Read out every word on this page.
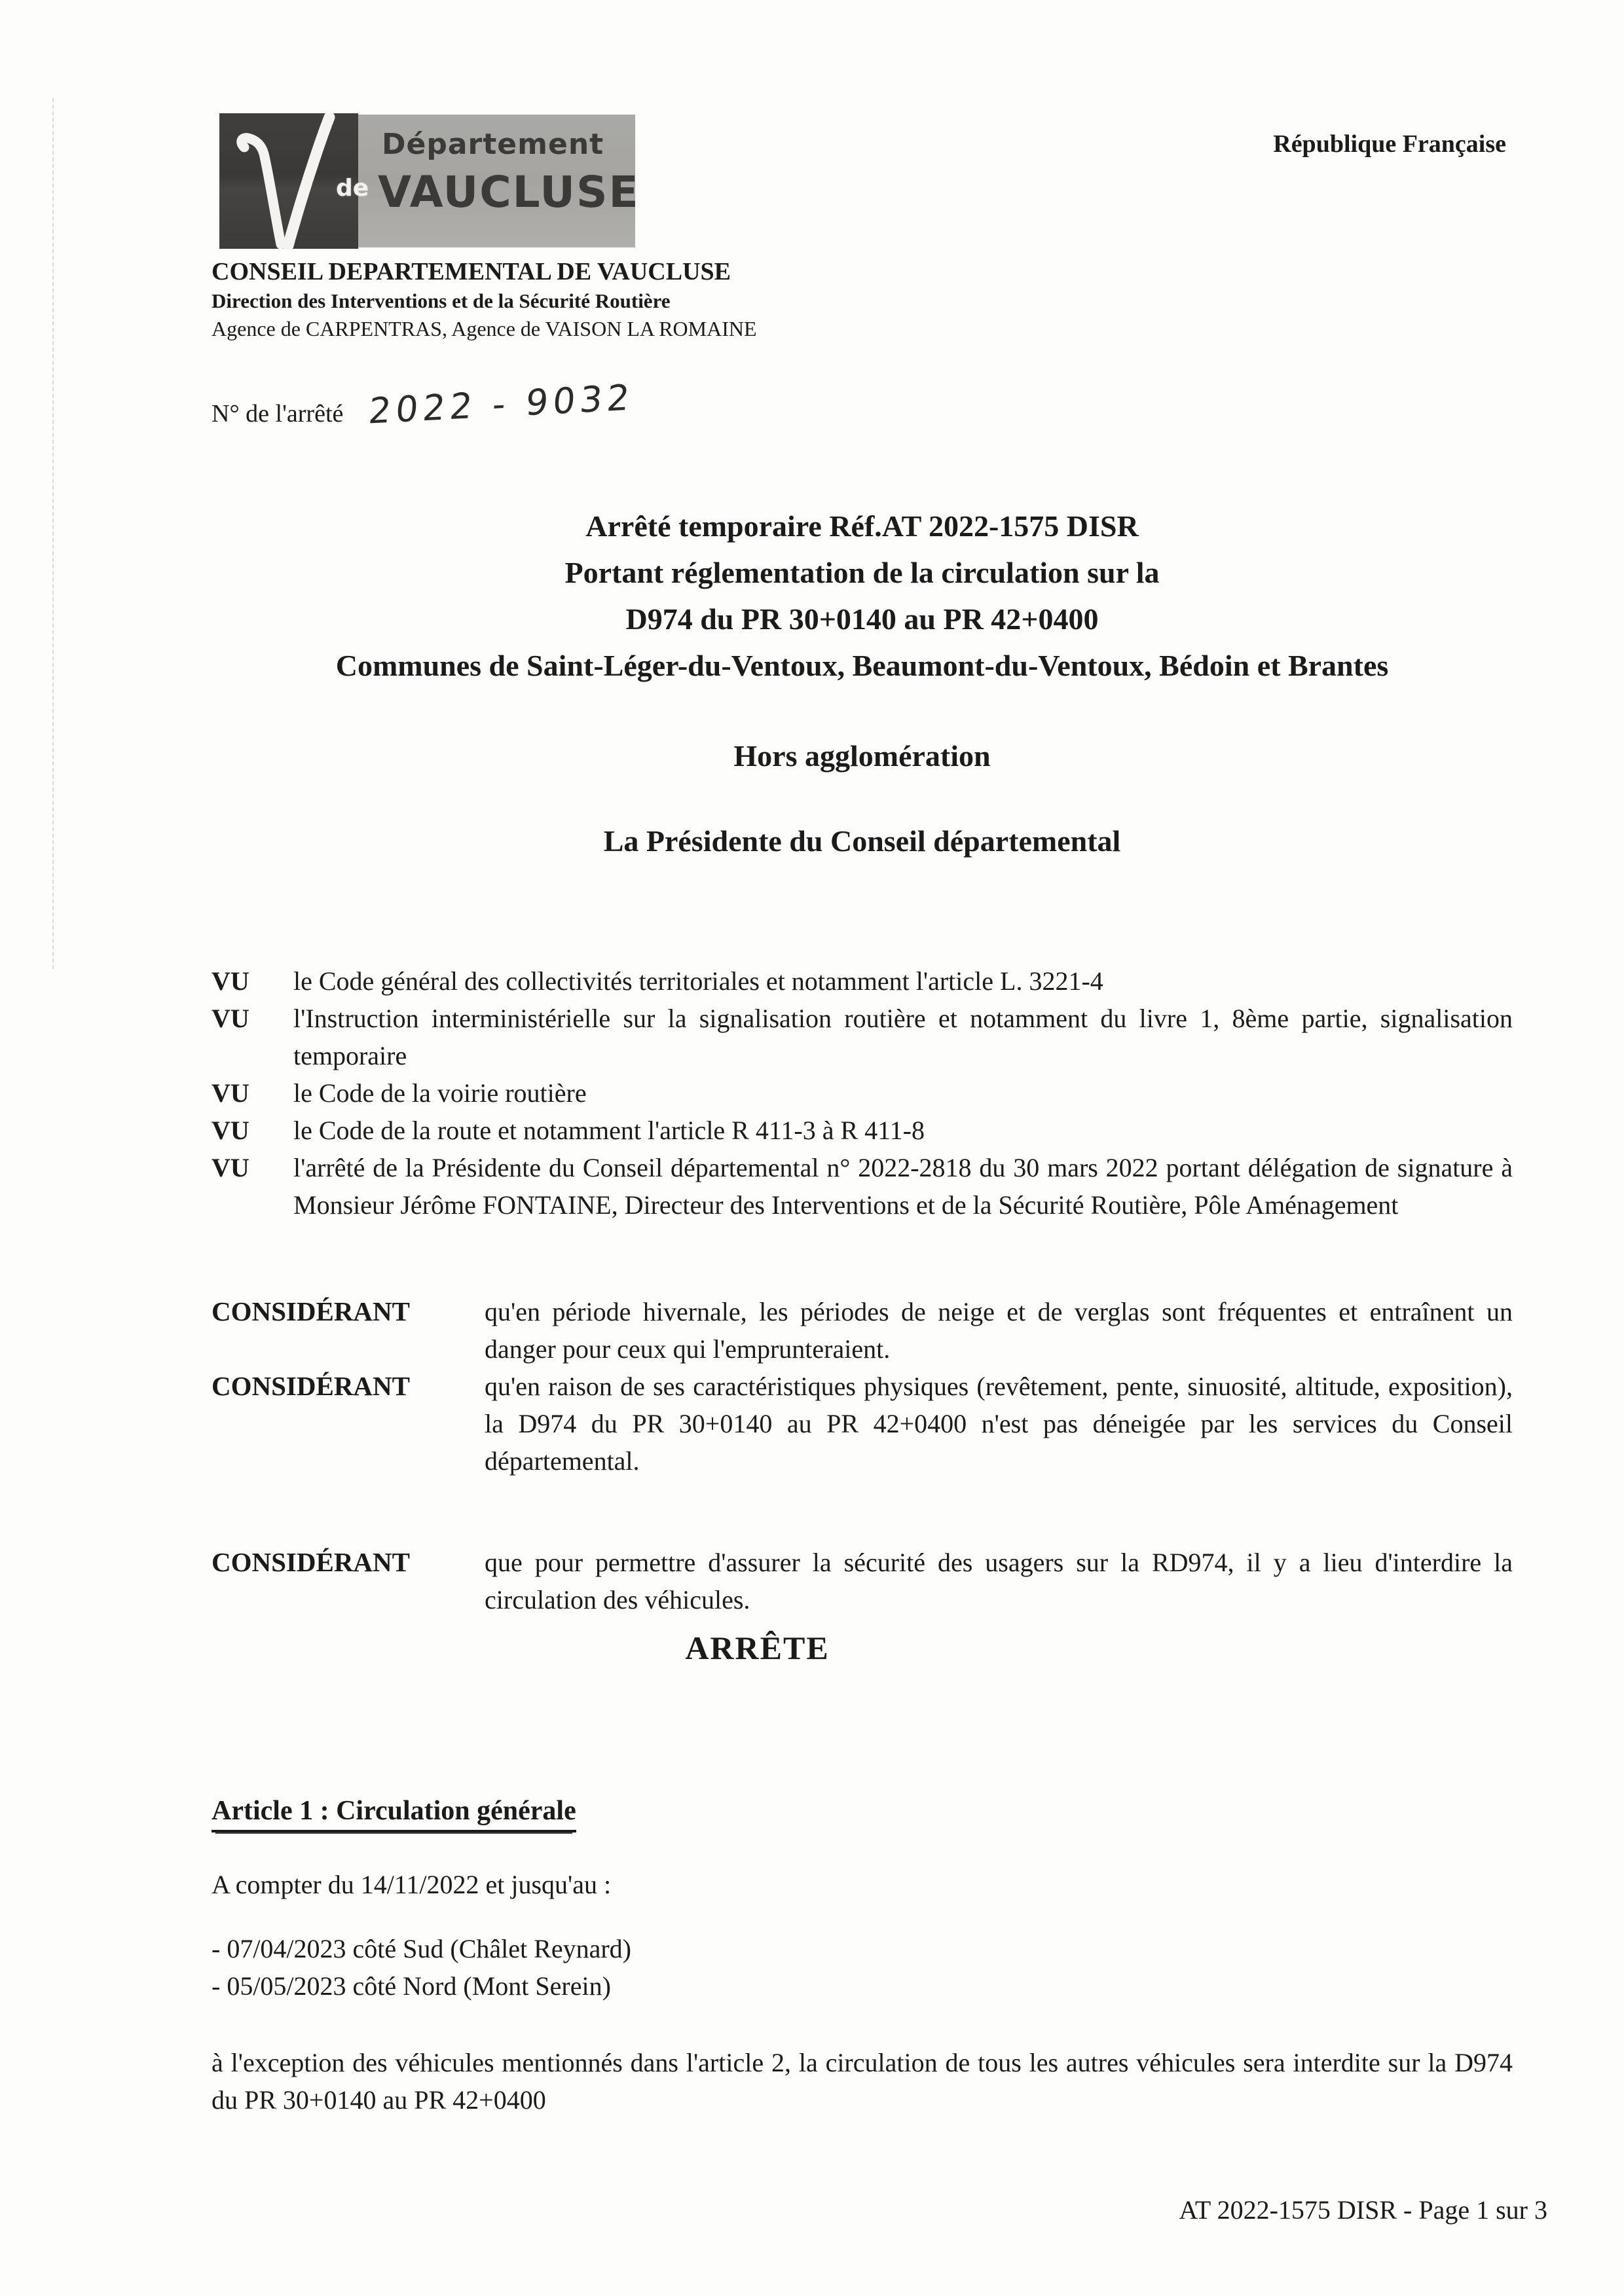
de
Département
VAUCLUSE
République Française
CONSEIL DEPARTEMENTAL DE VAUCLUSE
Direction des Interventions et de la Sécurité Routière
Agence de CARPENTRAS, Agence de VAISON LA ROMAINE
N° de l'arrêté 2022 - 9032
Arrêté temporaire Réf.AT 2022-1575 DISR
Portant réglementation de la circulation sur la
D974 du PR 30+0140 au PR 42+0400
Communes de Saint-Léger-du-Ventoux, Beaumont-du-Ventoux, Bédoin et Brantes
Hors agglomération
La Présidente du Conseil départemental
VU	le Code général des collectivités territoriales et notamment l'article L. 3221-4
VU	l'Instruction interministérielle sur la signalisation routière et notamment du livre 1, 8ème partie, signalisation temporaire
VU	le Code de la voirie routière
VU	le Code de la route et notamment l'article R 411-3 à R 411-8
VU	l'arrêté de la Présidente du Conseil départemental n° 2022-2818 du 30 mars 2022 portant délégation de signature à Monsieur Jérôme FONTAINE, Directeur des Interventions et de la Sécurité Routière, Pôle Aménagement
CONSIDÉRANT	qu'en période hivernale, les périodes de neige et de verglas sont fréquentes et entraînent un danger pour ceux qui l'emprunteraient.
CONSIDÉRANT	qu'en raison de ses caractéristiques physiques (revêtement, pente, sinuosité, altitude, exposition), la D974 du PR 30+0140 au PR 42+0400 n'est pas déneigée par les services du Conseil départemental.
CONSIDÉRANT	que pour permettre d'assurer la sécurité des usagers sur la RD974, il y a lieu d'interdire la circulation des véhicules.
ARRÊTE
Article 1 : Circulation générale
A compter du 14/11/2022 et jusqu'au :
- 07/04/2023 côté Sud (Châlet Reynard)
- 05/05/2023 côté Nord (Mont Serein)
à l'exception des véhicules mentionnés dans l'article 2, la circulation de tous les autres véhicules sera interdite sur la D974 du PR 30+0140 au PR 42+0400
AT 2022-1575 DISR - Page 1 sur 3
